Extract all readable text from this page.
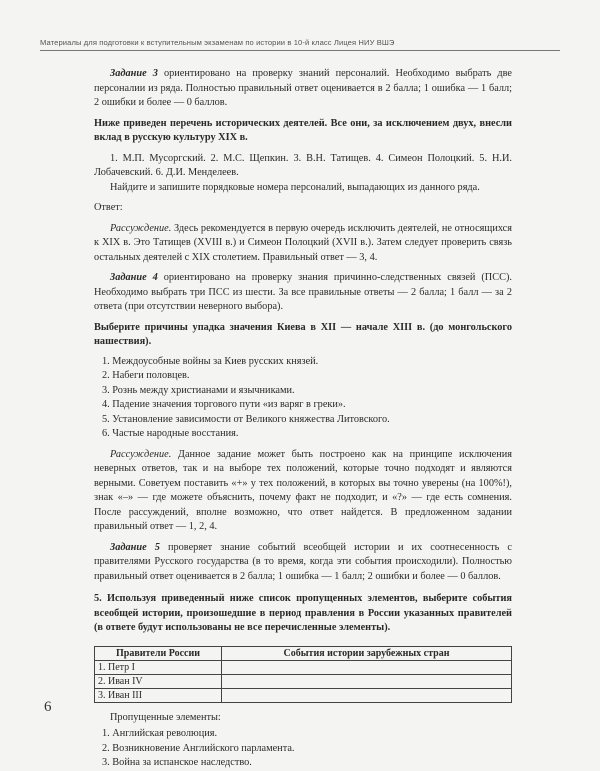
Материалы для подготовки к вступительным экзаменам по истории в 10-й класс Лицея НИУ ВШЭ

Задание 3 ориентировано на проверку знаний персоналий. Необходимо выбрать две персоналии из ряда. Полностью правильный ответ оценивается в 2 балла; 1 ошибка — 1 балл; 2 ошибки и более — 0 баллов.

Ниже приведен перечень исторических деятелей. Все они, за исключением двух, внесли вклад в русскую культуру XIX в.

1. М.П. Мусоргский. 2. М.С. Щепкин. 3. В.Н. Татищев. 4. Симеон Полоцкий. 5. Н.И. Лобачевский. 6. Д.И. Менделеев.

Найдите и запишите порядковые номера персоналий, выпадающих из данного ряда.

Ответ:

Рассуждение. Здесь рекомендуется в первую очередь исключить деятелей, не относящихся к XIX в. Это Татищев (XVIII в.) и Симеон Полоцкий (XVII в.). Затем следует проверить связь остальных деятелей с XIX столетием. Правильный ответ — 3, 4.

Задание 4 ориентировано на проверку знания причинно-следственных связей (ПСС). Необходимо выбрать три ПСС из шести. За все правильные ответы — 2 балла; 1 балл — за 2 ответа (при отсутствии неверного выбора).

Выберите причины упадка значения Киева в XII — начале XIII в. (до монгольского нашествия).

1. Междоусобные войны за Киев русских князей.
2. Набеги половцев.
3. Рознь между христианами и язычниками.
4. Падение значения торгового пути «из варяг в греки».
5. Установление зависимости от Великого княжества Литовского.
6. Частые народные восстания.

Рассуждение. Данное задание может быть построено как на принципе исключения неверных ответов, так и на выборе тех положений, которые точно подходят и являются верными. Советуем поставить «+» у тех положений, в которых вы точно уверены (на 100%!), знак «–» — где можете объяснить, почему факт не подходит, и «?» — где есть сомнения. После рассуждений, вполне возможно, что ответ найдется. В предложенном задании правильный ответ — 1, 2, 4.

Задание 5 проверяет знание событий всеобщей истории и их соотнесенность с правителями Русского государства (в то время, когда эти события происходили). Полностью правильный ответ оценивается в 2 балла; 1 ошибка — 1 балл; 2 ошибки и более — 0 баллов.

5. Используя приведенный ниже список пропущенных элементов, выберите события всеобщей истории, произошедшие в период правления в России указанных правителей (в ответе будут использованы не все перечисленные элементы).

Правители России	События истории зарубежных стран
1. Петр I	
2. Иван IV	
3. Иван III	

Пропущенные элементы:

1. Английская революция.
2. Возникновение Английского парламента.
3. Война за испанское наследство.
6
